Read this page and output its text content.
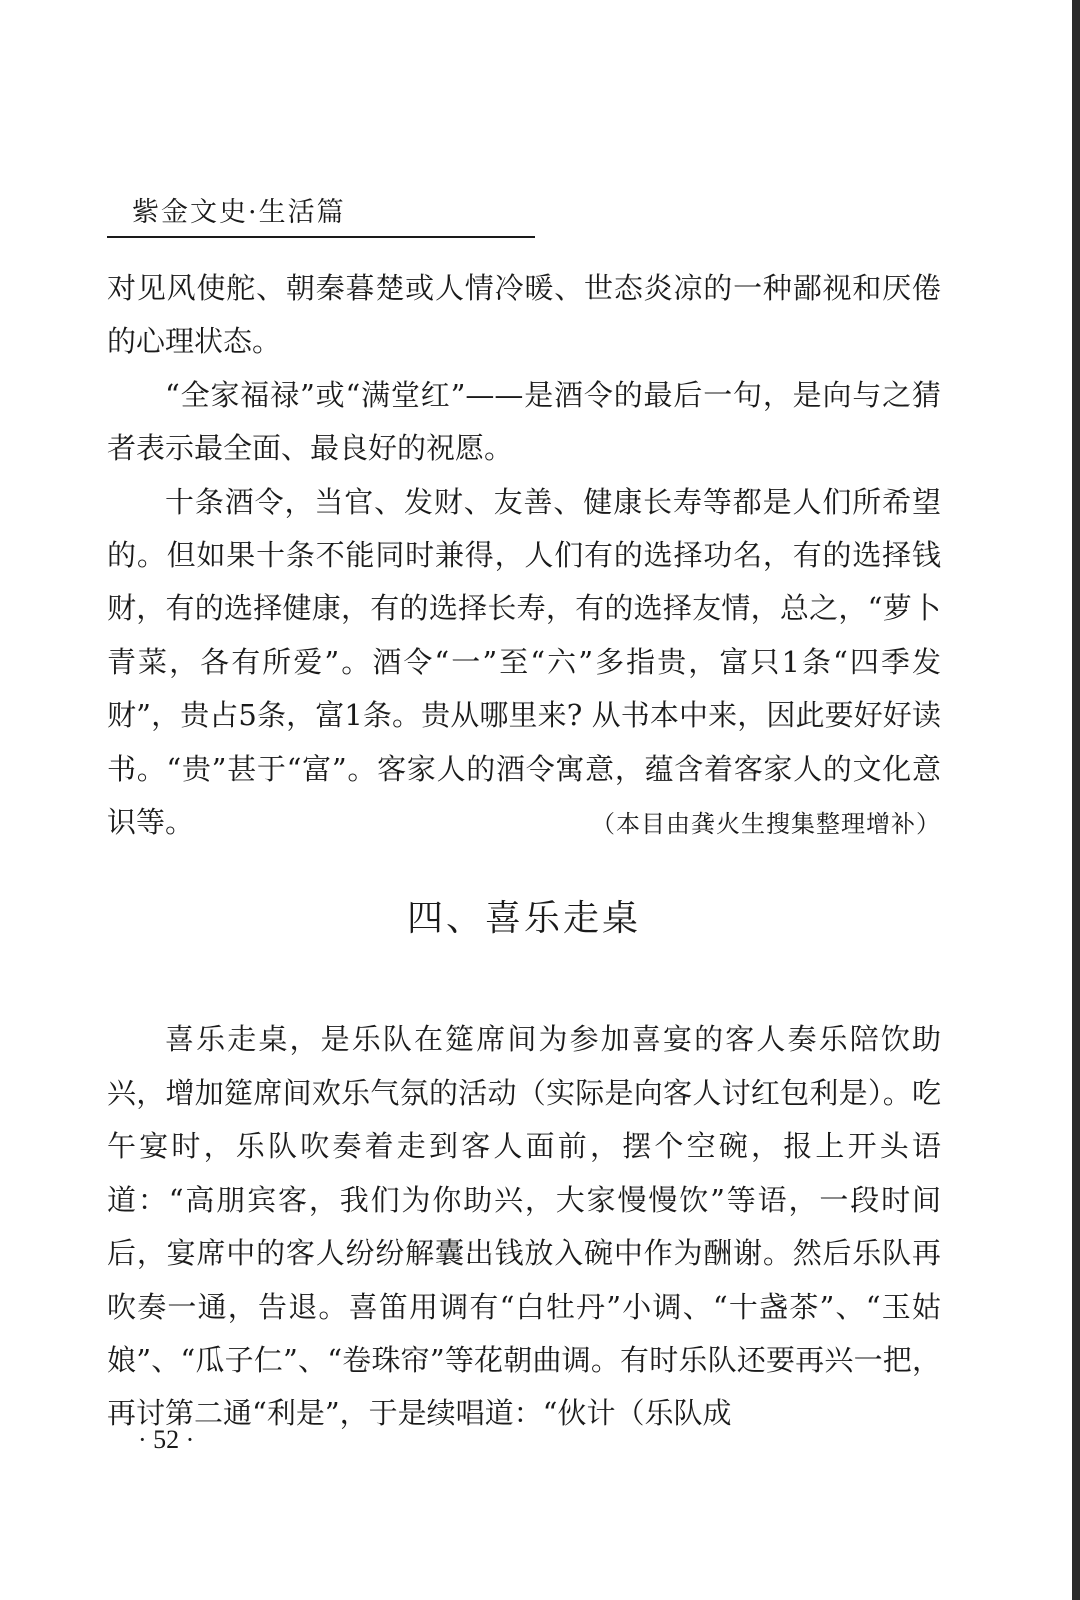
紫金文史·生活篇

对见风使舵、朝秦暮楚或人情冷暖、世态炎凉的一种鄙视和厌倦的心理状态。

“全家福禄”或“满堂红”——是酒令的最后一句，是向与之猜者表示最全面、最良好的祝愿。

十条酒令，当官、发财、友善、健康长寿等都是人们所希望的。但如果十条不能同时兼得，人们有的选择功名，有的选择钱财，有的选择健康，有的选择长寿，有的选择友情，总之，“萝卜青菜，各有所爱”。酒令“一”至“六”多指贵，富只1条“四季发财”，贵占5条，富1条。贵从哪里来? 从书本中来，因此要好好读书。“贵”甚于“富”。客家人的酒令寓意，蕴含着客家人的文化意识等。	（本目由龚火生搜集整理增补）

四、喜乐走桌

喜乐走桌，是乐队在筵席间为参加喜宴的客人奏乐陪饮助兴，增加筵席间欢乐气氛的活动（实际是向客人讨红包利是）。吃午宴时，乐队吹奏着走到客人面前，摆个空碗，报上开头语道：“高朋宾客，我们为你助兴，大家慢慢饮”等语，一段时间后，宴席中的客人纷纷解囊出钱放入碗中作为酬谢。然后乐队再吹奏一通，告退。喜笛用调有“白牡丹”小调、“十盏茶”、“玉姑娘”、“瓜子仁”、“卷珠帘”等花朝曲调。有时乐队还要再兴一把，再讨第二通“利是”，于是续唱道：“伙计（乐队成

· 52 ·
